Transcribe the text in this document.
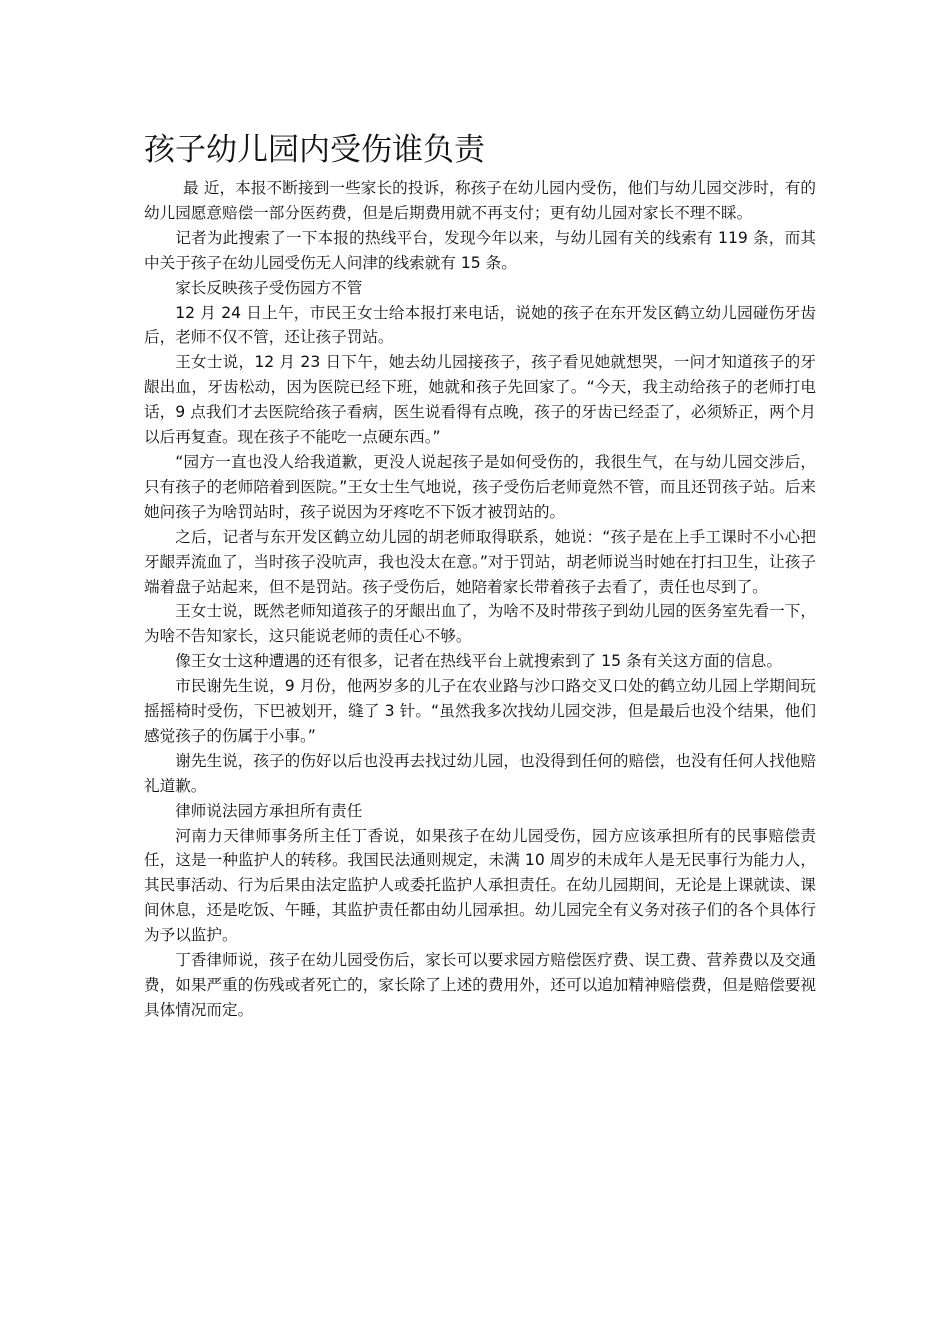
孩子幼儿园内受伤谁负责

最 近，本报不断接到一些家长的投诉，称孩子在幼儿园内受伤，他们与幼儿园交涉时，有的幼儿园愿意赔偿一部分医药费，但是后期费用就不再支付；更有幼儿园对家长不理不睬。

记者为此搜索了一下本报的热线平台，发现今年以来，与幼儿园有关的线索有 119 条，而其中关于孩子在幼儿园受伤无人问津的线索就有 15 条。

家长反映孩子受伤园方不管

12 月 24 日上午，市民王女士给本报打来电话，说她的孩子在东开发区鹤立幼儿园碰伤牙齿后，老师不仅不管，还让孩子罚站。

王女士说，12 月 23 日下午，她去幼儿园接孩子，孩子看见她就想哭，一问才知道孩子的牙龈出血，牙齿松动，因为医院已经下班，她就和孩子先回家了。“今天，我主动给孩子的老师打电话，9 点我们才去医院给孩子看病，医生说看得有点晚，孩子的牙齿已经歪了，必须矫正，两个月以后再复查。现在孩子不能吃一点硬东西。”

“园方一直也没人给我道歉，更没人说起孩子是如何受伤的，我很生气，在与幼儿园交涉后，只有孩子的老师陪着到医院。”王女士生气地说，孩子受伤后老师竟然不管，而且还罚孩子站。后来她问孩子为啥罚站时，孩子说因为牙疼吃不下饭才被罚站的。

之后，记者与东开发区鹤立幼儿园的胡老师取得联系，她说：“孩子是在上手工课时不小心把牙龈弄流血了，当时孩子没吭声，我也没太在意。”对于罚站，胡老师说当时她在打扫卫生，让孩子端着盘子站起来，但不是罚站。孩子受伤后，她陪着家长带着孩子去看了，责任也尽到了。

王女士说，既然老师知道孩子的牙龈出血了，为啥不及时带孩子到幼儿园的医务室先看一下，为啥不告知家长，这只能说老师的责任心不够。

像王女士这种遭遇的还有很多，记者在热线平台上就搜索到了 15 条有关这方面的信息。

市民谢先生说，9 月份，他两岁多的儿子在农业路与沙口路交叉口处的鹤立幼儿园上学期间玩摇摇椅时受伤，下巴被划开，缝了 3 针。“虽然我多次找幼儿园交涉，但是最后也没个结果，他们感觉孩子的伤属于小事。”

谢先生说，孩子的伤好以后也没再去找过幼儿园，也没得到任何的赔偿，也没有任何人找他赔礼道歉。

律师说法园方承担所有责任

河南力天律师事务所主任丁香说，如果孩子在幼儿园受伤，园方应该承担所有的民事赔偿责任，这是一种监护人的转移。我国民法通则规定，未满 10 周岁的未成年人是无民事行为能力人，其民事活动、行为后果由法定监护人或委托监护人承担责任。在幼儿园期间，无论是上课就读、课间休息，还是吃饭、午睡，其监护责任都由幼儿园承担。幼儿园完全有义务对孩子们的各个具体行为予以监护。

丁香律师说，孩子在幼儿园受伤后，家长可以要求园方赔偿医疗费、误工费、营养费以及交通费，如果严重的伤残或者死亡的，家长除了上述的费用外，还可以追加精神赔偿费，但是赔偿要视具体情况而定。
